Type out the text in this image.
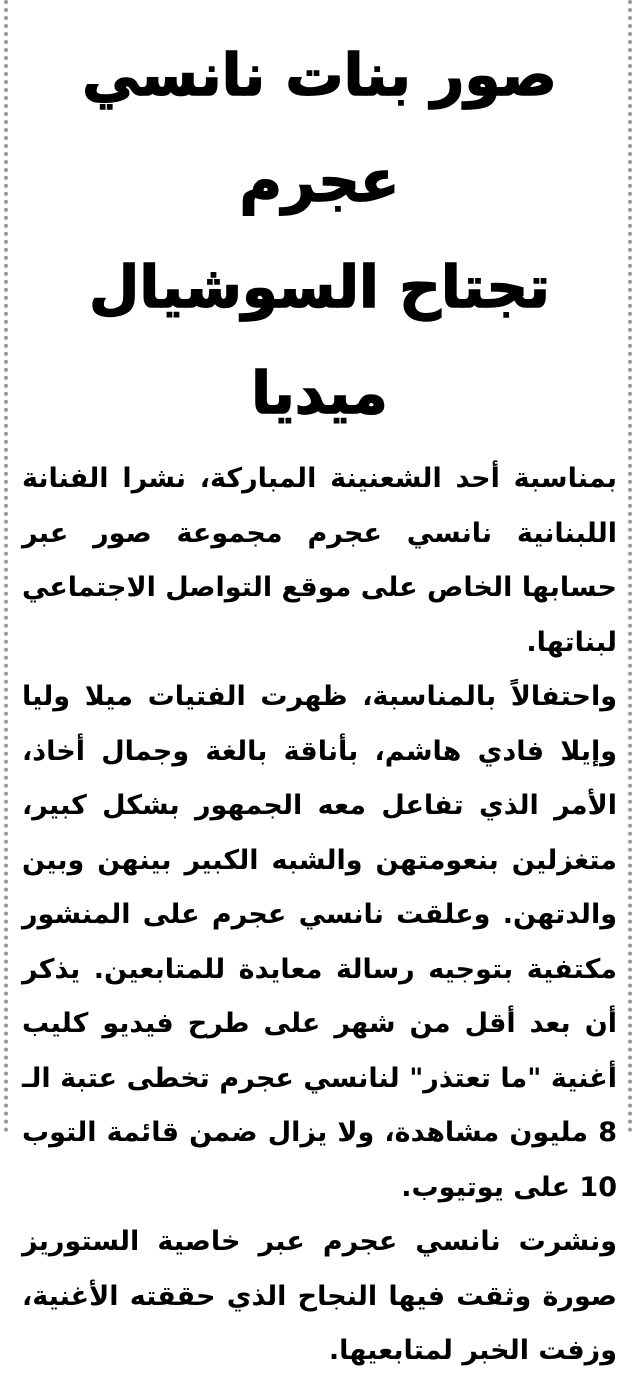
صور بنات نانسي عجرم
تجتاح السوشيال ميديا

بمناسبة أحد الشعنينة المباركة، نشرا الفنانة اللبنانية نانسي عجرم مجموعة صور عبر حسابها الخاص على موقع التواصل الاجتماعي لبناتها.

واحتفالاً بالمناسبة، ظهرت الفتيات ميلا وليا وإيلا فادي هاشم، بأناقة بالغة وجمال أخاذ، الأمر الذي تفاعل معه الجمهور بشكل كبير، متغزلين بنعومتهن والشبه الكبير بينهن وبين والدتهن. وعلقت نانسي عجرم على المنشور مكتفية بتوجيه رسالة معايدة للمتابعين. يذكر أن بعد أقل من شهر على طرح فيديو كليب أغنية "ما تعتذر" لنانسي عجرم تخطى عتبة الـ 8 مليون مشاهدة، ولا يزال ضمن قائمة التوب 10 على يوتيوب.

ونشرت نانسي عجرم عبر خاصية الستوريز صورة وثقت فيها النجاح الذي حققته الأغنية، وزفت الخبر لمتابعيها.
